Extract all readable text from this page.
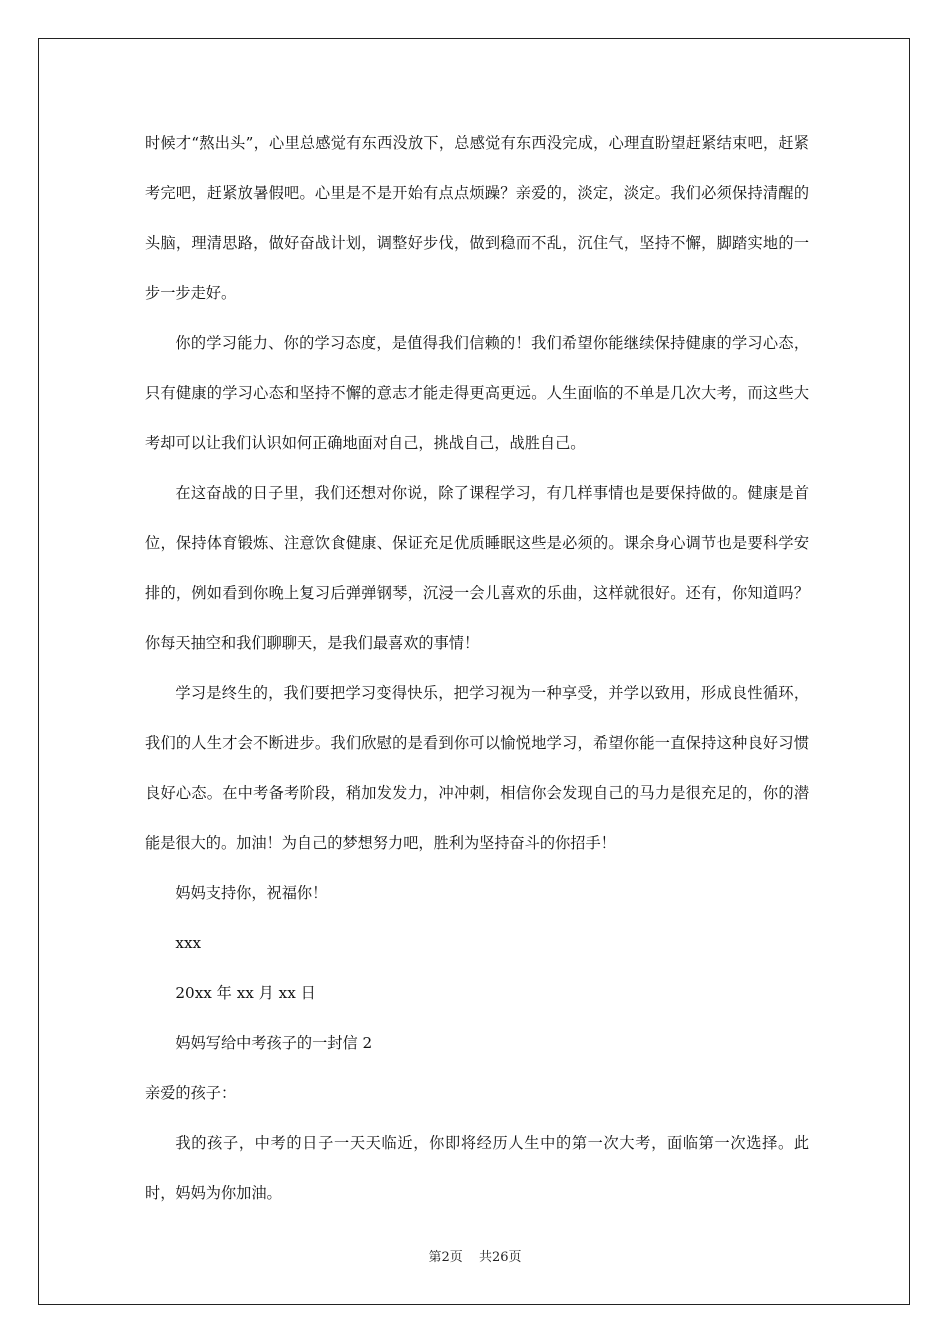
时候才“熬出头”，心里总感觉有东西没放下，总感觉有东西没完成，心理直盼望赶紧结束吧，赶紧考完吧，赶紧放暑假吧。心里是不是开始有点点烦躁？亲爱的，淡定，淡定。我们必须保持清醒的头脑，理清思路，做好奋战计划，调整好步伐，做到稳而不乱，沉住气，坚持不懈，脚踏实地的一步一步走好。

你的学习能力、你的学习态度，是值得我们信赖的！我们希望你能继续保持健康的学习心态，只有健康的学习心态和坚持不懈的意志才能走得更高更远。人生面临的不单是几次大考，而这些大考却可以让我们认识如何正确地面对自己，挑战自己，战胜自己。

在这奋战的日子里，我们还想对你说，除了课程学习，有几样事情也是要保持做的。健康是首位，保持体育锻炼、注意饮食健康、保证充足优质睡眠这些是必须的。课余身心调节也是要科学安排的，例如看到你晚上复习后弹弹钢琴，沉浸一会儿喜欢的乐曲，这样就很好。还有，你知道吗？你每天抽空和我们聊聊天，是我们最喜欢的事情！

学习是终生的，我们要把学习变得快乐，把学习视为一种享受，并学以致用，形成良性循环，我们的人生才会不断进步。我们欣慰的是看到你可以愉悦地学习，希望你能一直保持这种良好习惯良好心态。在中考备考阶段，稍加发发力，冲冲刺，相信你会发现自己的马力是很充足的，你的潜能是很大的。加油！为自己的梦想努力吧，胜利为坚持奋斗的你招手！

妈妈支持你，祝福你！

xxx

20xx 年 xx 月 xx 日

妈妈写给中考孩子的一封信 2

亲爱的孩子：

我的孩子，中考的日子一天天临近，你即将经历人生中的第一次大考，面临第一次选择。此时，妈妈为你加油。

第2页 共26页
